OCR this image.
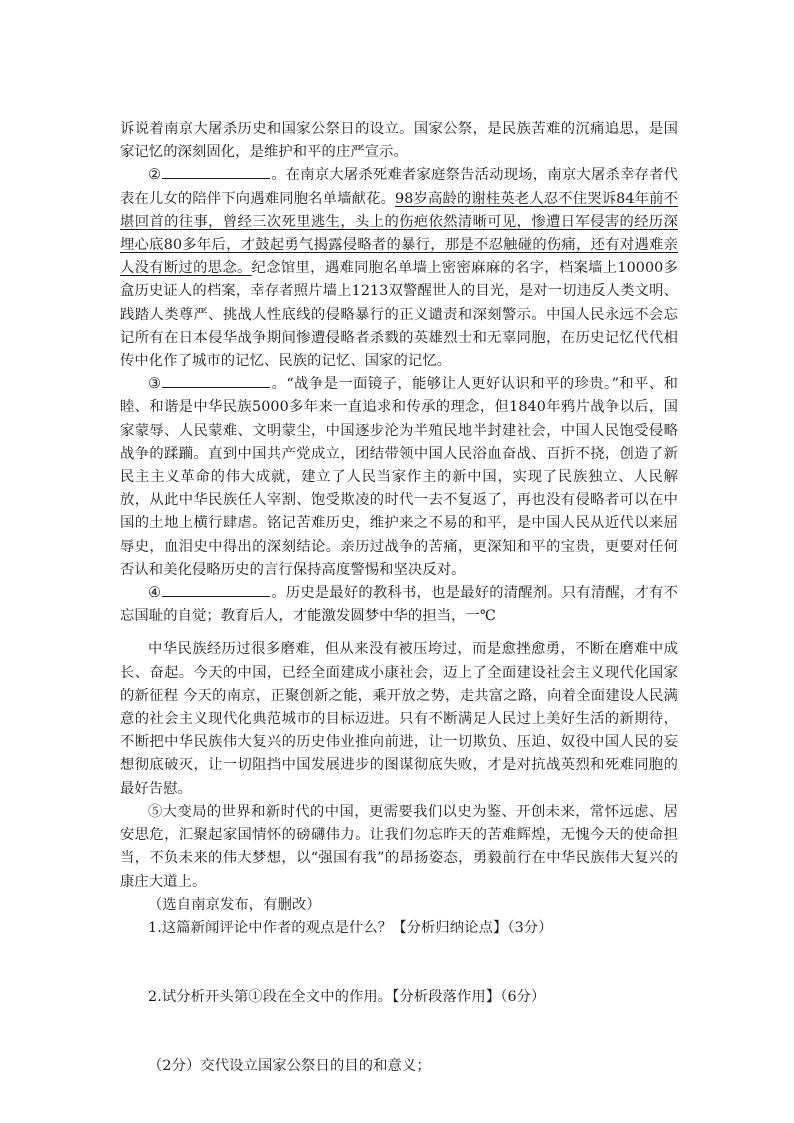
诉说着南京大屠杀历史和国家公祭日的设立。国家公祭，是民族苦难的沉痛追思，是国家记忆的深刻固化，是维护和平的庄严宣示。

②	。在南京大屠杀死难者家庭祭告活动现场，南京大屠杀幸存者代表在儿女的陪伴下向遇难同胞名单墙献花。98岁高龄的谢桂英老人忍不住哭诉84年前不堪回首的往事，曾经三次死里逃生，头上的伤疤依然清晰可见，惨遭日军侵害的经历深埋心底80多年后，才鼓起勇气揭露侵略者的暴行，那是不忍触碰的伤痛，还有对遇难亲人没有断过的思念。纪念馆里，遇难同胞名单墙上密密麻麻的名字，档案墙上10000多盒历史证人的档案，幸存者照片墙上1213双警醒世人的目光，是对一切违反人类文明、践踏人类尊严、挑战人性底线的侵略暴行的正义谴责和深刻警示。中国人民永远不会忘记所有在日本侵华战争期间惨遭侵略者杀戮的英雄烈士和无辜同胞，在历史记忆代代相传中化作了城市的记忆、民族的记忆、国家的记忆。

③	。“战争是一面镜子，能够让人更好认识和平的珍贵。”和平、和睦、和谐是中华民族5000多年来一直追求和传承的理念，但1840年鸦片战争以后，国家蒙辱、人民蒙难、文明蒙尘，中国逐步沦为半殖民地半封建社会，中国人民饱受侵略战争的蹂躏。直到中国共产党成立，团结带领中国人民浴血奋战、百折不挠，创造了新民主主义革命的伟大成就，建立了人民当家作主的新中国，实现了民族独立、人民解放，从此中华民族任人宰割、饱受欺凌的时代一去不复返了，再也没有侵略者可以在中国的土地上横行肆虐。铭记苦难历史，维护来之不易的和平，是中国人民从近代以来屈辱史，血泪史中得出的深刻结论。亲历过战争的苦痛，更深知和平的宝贵，更要对任何否认和美化侵略历史的言行保持高度警惕和坚决反对。

④	。历史是最好的教科书，也是最好的清醒剂。只有清醒，才有不忘国耻的自觉；教育后人，才能激发圆梦中华的担当，一℃

中华民族经历过很多磨难，但从来没有被压垮过，而是愈挫愈勇，不断在磨难中成长、奋起。今天的中国，已经全面建成小康社会，迈上了全面建设社会主义现代化国家的新征程 今天的南京，正聚创新之能，乘开放之势，走共富之路，向着全面建设人民满意的社会主义现代化典范城市的目标迈进。只有不断满足人民过上美好生活的新期待，不断把中华民族伟大复兴的历史伟业推向前进，让一切欺负、压迫、奴役中国人民的妄想彻底破灭，让一切阻挡中国发展进步的图谋彻底失败，才是对抗战英烈和死难同胞的最好告慰。

⑤大变局的世界和新时代的中国，更需要我们以史为鉴、开创未来，常怀远虑、居安思危，汇聚起家国情怀的磅礴伟力。让我们勿忘昨天的苦难辉煌，无愧今天的使命担当，不负未来的伟大梦想，以“强国有我”的昂扬姿态，勇毅前行在中华民族伟大复兴的康庄大道上。

（选自南京发布，有删改）

1.这篇新闻评论中作者的观点是什么？【分析归纳论点】（3分）

2.试分析开头第①段在全文中的作用。【分析段落作用】（6分）

（2分）交代设立国家公祭日的目的和意义；
